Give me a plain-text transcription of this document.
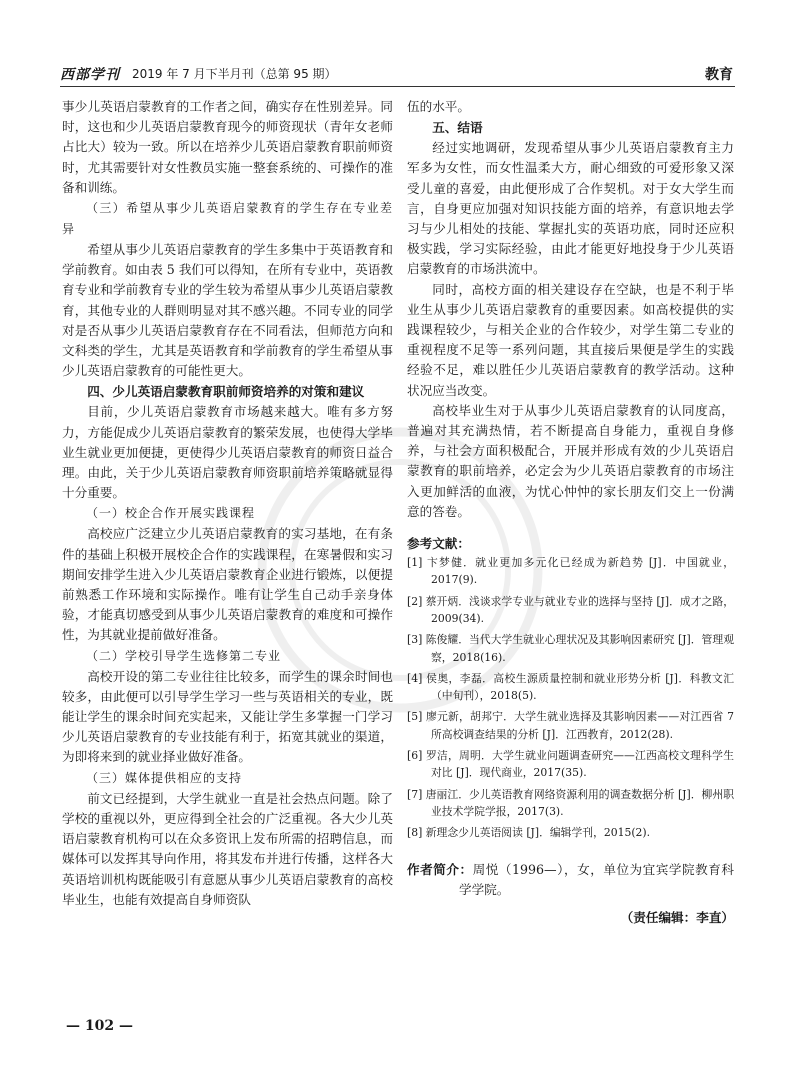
西部学刊 2019 年 7 月下半月刊（总第 95 期）	教育

事少儿英语启蒙教育的工作者之间，确实存在性别差异。同时，这也和少儿英语启蒙教育现今的师资现状（青年女老师占比大）较为一致。所以在培养少儿英语启蒙教育职前师资时，尤其需要针对女性教员实施一整套系统的、可操作的准备和训练。

（三）希望从事少儿英语启蒙教育的学生存在专业差异

希望从事少儿英语启蒙教育的学生多集中于英语教育和学前教育。如由表 5 我们可以得知，在所有专业中，英语教育专业和学前教育专业的学生较为希望从事少儿英语启蒙教育，其他专业的人群则明显对其不感兴趣。不同专业的同学对是否从事少儿英语启蒙教育存在不同看法，但师范方向和文科类的学生，尤其是英语教育和学前教育的学生希望从事少儿英语启蒙教育的可能性更大。

四、少儿英语启蒙教育职前师资培养的对策和建议

目前，少儿英语启蒙教育市场越来越大。唯有多方努力，方能促成少儿英语启蒙教育的繁荣发展，也使得大学毕业生就业更加便捷，更使得少儿英语启蒙教育的师资日益合理。由此，关于少儿英语启蒙教育师资职前培养策略就显得十分重要。

（一）校企合作开展实践课程

高校应广泛建立少儿英语启蒙教育的实习基地，在有条件的基础上积极开展校企合作的实践课程，在寒暑假和实习期间安排学生进入少儿英语启蒙教育企业进行锻炼，以便提前熟悉工作环境和实际操作。唯有让学生自己动手亲身体验，才能真切感受到从事少儿英语启蒙教育的难度和可操作性，为其就业提前做好准备。

（二）学校引导学生选修第二专业

高校开设的第二专业往往比较多，而学生的课余时间也较多，由此便可以引导学生学习一些与英语相关的专业，既能让学生的课余时间充实起来，又能让学生多掌握一门学习少儿英语启蒙教育的专业技能有利于，拓宽其就业的渠道，为即将来到的就业择业做好准备。

（三）媒体提供相应的支持

前文已经提到，大学生就业一直是社会热点问题。除了学校的重视以外，更应得到全社会的广泛重视。各大少儿英语启蒙教育机构可以在众多资讯上发布所需的招聘信息，而媒体可以发挥其导向作用，将其发布并进行传播，这样各大英语培训机构既能吸引有意愿从事少儿英语启蒙教育的高校毕业生，也能有效提高自身师资队

伍的水平。

五、结语

经过实地调研，发现希望从事少儿英语启蒙教育主力军多为女性，而女性温柔大方，耐心细致的可爱形象又深受儿童的喜爱，由此便形成了合作契机。对于女大学生而言，自身更应加强对知识技能方面的培养，有意识地去学习与少儿相处的技能、掌握扎实的英语功底，同时还应积极实践，学习实际经验，由此才能更好地投身于少儿英语启蒙教育的市场洪流中。

同时，高校方面的相关建设存在空缺，也是不利于毕业生从事少儿英语启蒙教育的重要因素。如高校提供的实践课程较少，与相关企业的合作较少，对学生第二专业的重视程度不足等一系列问题，其直接后果便是学生的实践经验不足，难以胜任少儿英语启蒙教育的教学活动。这种状况应当改变。

高校毕业生对于从事少儿英语启蒙教育的认同度高，普遍对其充满热情，若不断提高自身能力，重视自身修养，与社会方面积极配合，开展并形成有效的少儿英语启蒙教育的职前培养，必定会为少儿英语启蒙教育的市场注入更加鲜活的血液，为忧心忡忡的家长朋友们交上一份满意的答卷。

参考文献：
[1] 卞梦健．就业更加多元化已经成为新趋势 [J]．中国就业，2017(9).
[2] 蔡开炳．浅谈求学专业与就业专业的选择与坚持 [J]．成才之路，2009(34).
[3] 陈俊耀．当代大学生就业心理状况及其影响因素研究 [J]．管理观察，2018(16).
[4] 侯奥，李磊．高校生源质量控制和就业形势分析 [J]．科教文汇（中旬刊），2018(5).
[5] 廖元新，胡邦宁．大学生就业选择及其影响因素——对江西省 7 所高校调查结果的分析 [J]．江西教育，2012(28).
[6] 罗洁，周明．大学生就业问题调查研究——江西高校文理科学生对比 [J]．现代商业，2017(35).
[7] 唐丽江．少儿英语教育网络资源利用的调查数据分析 [J]．柳州职业技术学院学报，2017(3).
[8] 新理念少儿英语阅读 [J]．编辑学刊，2015(2).

作者简介：周悦（1996—），女，单位为宜宾学院教育科学学院。

（责任编辑：李直）
— 102 —
